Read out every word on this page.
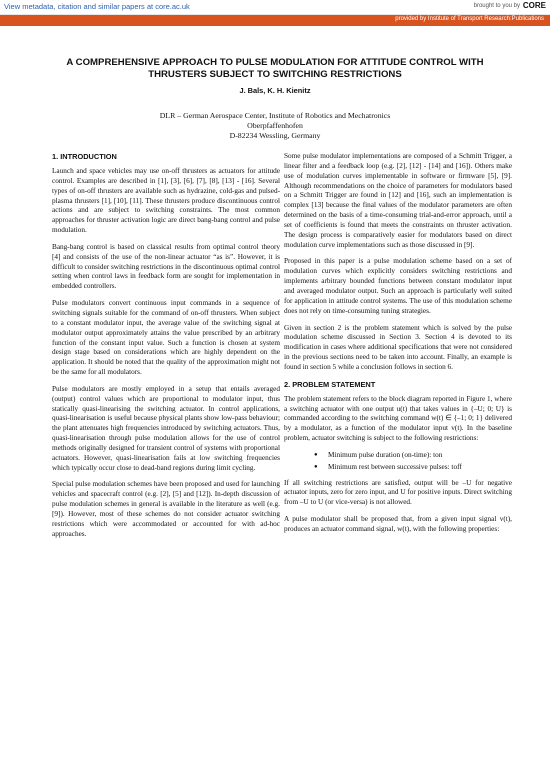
View metadata, citation and similar papers at core.ac.uk	brought to you by CORE
provided by Institute of Transport Research:Publications
A COMPREHENSIVE APPROACH TO PULSE MODULATION FOR ATTITUDE CONTROL WITH THRUSTERS SUBJECT TO SWITCHING RESTRICTIONS
J. Bals, K. H. Kienitz
DLR – German Aerospace Center, Institute of Robotics and Mechatronics
Oberpfaffenhofen
D-82234 Wessling, Germany
1. INTRODUCTION

Launch and space vehicles may use on-off thrusters as actuators for attitude control. Examples are described in [1], [3], [6], [7], [8], [13] - [16]. Several types of on-off thrusters are available such as hydrazine, cold-gas and pulsed-plasma thrusters [1], [10], [11]. These thrusters produce discontinuous control actions and are subject to switching constraints. The most common approaches for thruster activation logic are direct bang-bang control and pulse modulation.

Bang-bang control is based on classical results from optimal control theory [4] and consists of the use of the non-linear actuator “as is”. However, it is difficult to consider switching restrictions in the discontinuous optimal control setting when control laws in feedback form are sought for implementation in embedded controllers.

Pulse modulators convert continuous input commands in a sequence of switching signals suitable for the command of on-off thrusters. When subject to a constant modulator input, the average value of the switching signal at modulator output approximately attains the value prescribed by an arbitrary function of the constant input value. Such a function is chosen at system design stage based on considerations which are highly dependent on the application. It should be noted that the quality of the approximation might not be the same for all modulators.

Pulse modulators are mostly employed in a setup that entails averaged (output) control values which are proportional to modulator input, thus statically quasi-linearising the switching actuator. In control applications, quasi-linearisation is useful because physical plants show low-pass behaviour; the plant attenuates high frequencies introduced by switching actuators. Thus, quasi-linearisation through pulse modulation allows for the use of control methods originally designed for transient control of systems with proportional actuators. However, quasi-linearisation fails at low switching frequencies which typically occur close to dead-band regions during limit cycling.

Special pulse modulation schemes have been proposed and used for launching vehicles and spacecraft control (e.g. [2], [5] and [12]). In-depth discussion of pulse modulation schemes in general is available in the literature as well (e.g. [9]). However, most of these schemes do not consider actuator switching restrictions which were accommodated or accounted for with ad-hoc approaches.

Some pulse modulator implementations are composed of a Schmitt Trigger, a linear filter and a feedback loop (e.g. [2], [12] - [14] and [16]). Others make use of modulation curves implementable in software or firmware [5], [9]. Although recommendations on the choice of parameters for modulators based on a Schmitt Trigger are found in [12] and [16], such an implementation is complex [13] because the final values of the modulator parameters are often determined on the basis of a time-consuming trial-and-error approach, until a set of coefficients is found that meets the constraints on thruster activation. The design process is comparatively easier for modulators based on direct modulation curve implementations such as those discussed in [9].

Proposed in this paper is a pulse modulation scheme based on a set of modulation curves which explicitly considers switching restrictions and implements arbitrary bounded functions between constant modulator input and averaged modulator output. Such an approach is particularly well suited for application in attitude control systems. The use of this modulation scheme does not rely on time-consuming tuning strategies.

Given in section 2 is the problem statement which is solved by the pulse modulation scheme discussed in Section 3. Section 4 is devoted to its modification in cases where additional specifications that were not considered in the previous sections need to be taken into account. Finally, an example is found in section 5 while a conclusion follows in section 6.

2. PROBLEM STATEMENT

The problem statement refers to the block diagram reported in Figure 1, where a switching actuator with one output u(t) that takes values in {–U; 0; U} is commanded according to the switching command w(t) ∈ {–1; 0; 1} delivered by a modulator, as a function of the modulator input v(t). In the baseline problem, actuator switching is subject to the following restrictions:

● Minimum pulse duration (on-time): ton
● Minimum rest between successive pulses: toff

If all switching restrictions are satisfied, output will be –U for negative actuator inputs, zero for zero input, and U for positive inputs. Direct switching from –U to U (or vice-versa) is not allowed.

A pulse modulator shall be proposed that, from a given input signal v(t), produces an actuator command signal, w(t), with the following properties:
